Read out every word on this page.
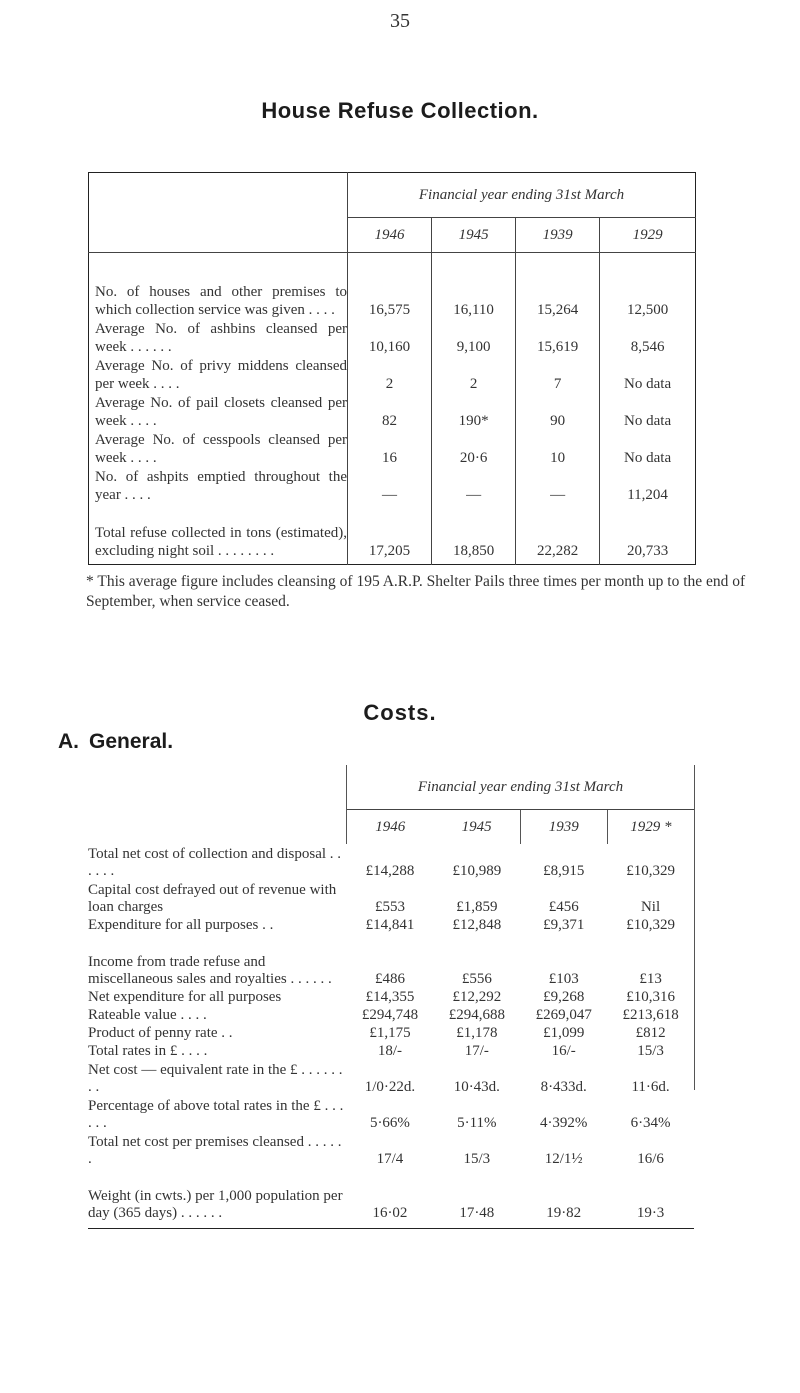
35
House Refuse Collection.
	Financial year ending 31st March			
	1946	1945	1939	1929
No. of houses and other premises to which collection service was given . . . .	16,575	16,110	15,264	12,500
Average No. of ashbins cleansed per week . . . . . .	10,160	9,100	15,619	8,546
Average No. of privy middens cleansed per week . . . .	2	2	7	No data
Average No. of pail closets cleansed per week . . . .	82	190*	90	No data
Average No. of cesspools cleansed per week . . . .	16	20·6	10	No data
No. of ashpits emptied throughout the year . . . .	—	—	—	11,204
Total refuse collected in tons (estimated), excluding night soil . . . . . . . .	17,205	18,850	22,282	20,733
* This average figure includes cleansing of 195 A.R.P. Shelter Pails three times per month up to the end of September, when service ceased.
Costs.
A. General.
	Financial year ending 31st March			
	1946	1945	1939	1929 *
Total net cost of collection and disposal . . . . . .	£14,288	£10,989	£8,915	£10,329
Capital cost defrayed out of revenue with loan charges	£553	£1,859	£456	Nil
Expenditure for all purposes . .	£14,841	£12,848	£9,371	£10,329
Income from trade refuse and miscellaneous sales and royalties . . . . . .	£486	£556	£103	£13
Net expenditure for all purposes	£14,355	£12,292	£9,268	£10,316
Rateable value . . . .	£294,748	£294,688	£269,047	£213,618
Product of penny rate . .	£1,175	£1,178	£1,099	£812
Total rates in £ . . . .	18/-	17/-	16/-	15/3
Net cost — equivalent rate in the £ . . . . . . . .	1/0·22d.	10·43d.	8·433d.	11·6d.
Percentage of above total rates in the £ . . . . . .	5·66%	5·11%	4·392%	6·34%
Total net cost per premises cleansed . . . . . .	17/4	15/3	12/1½	16/6
Weight (in cwts.) per 1,000 population per day (365 days) . . . . . .	16·02	17·48	19·82	19·3
